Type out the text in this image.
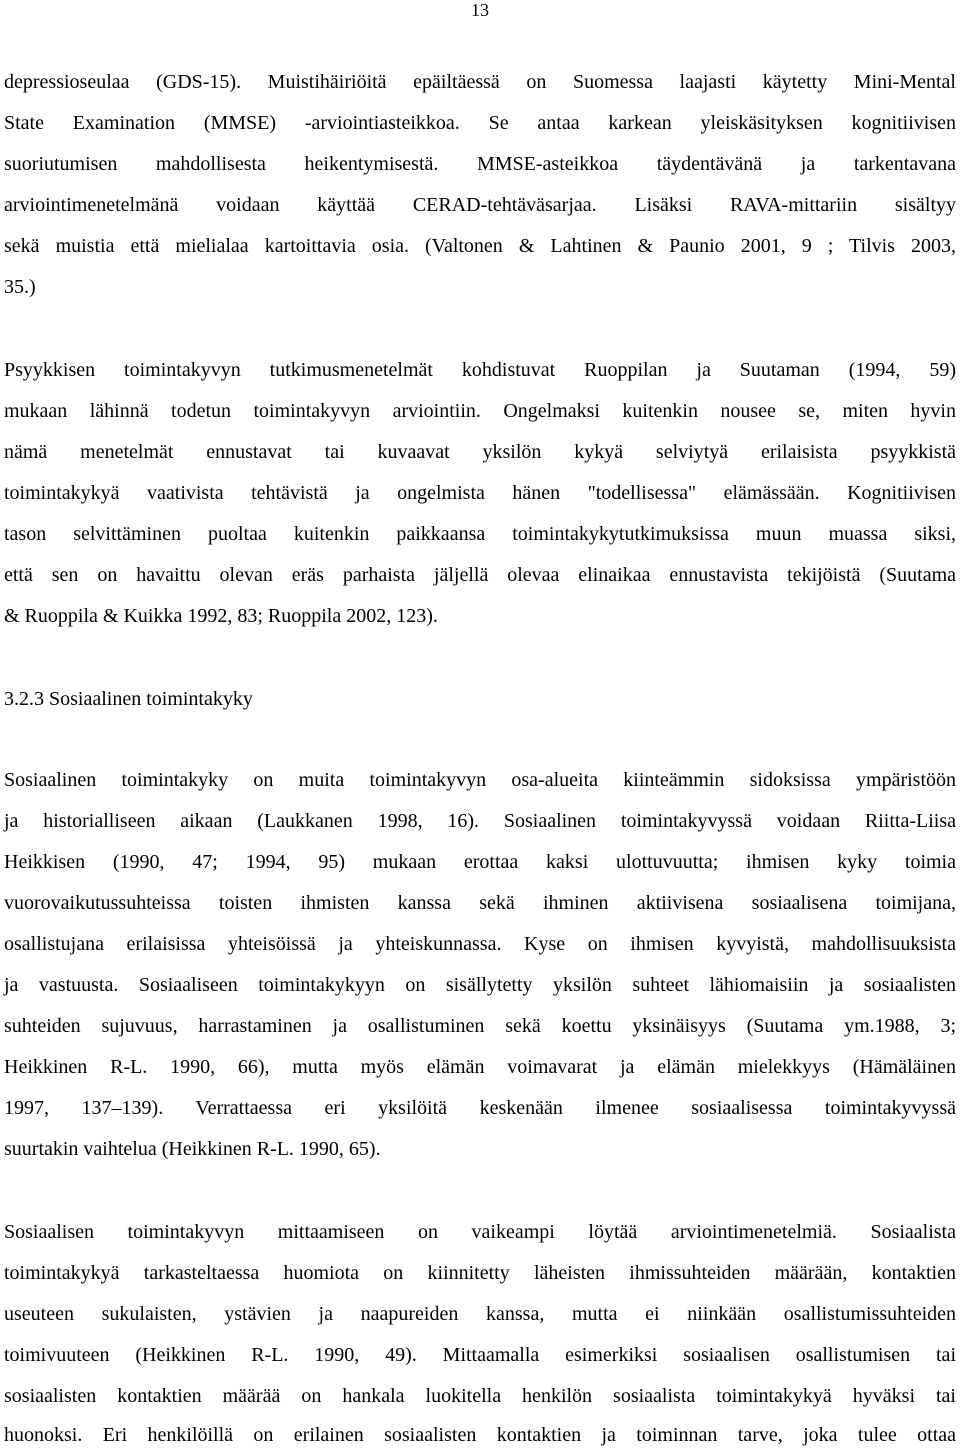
13
depressioseulaa (GDS-15). Muistihäiriöitä epäiltäessä on Suomessa laajasti käytetty Mini-Mental
State Examination (MMSE) -arviointiasteikkoa. Se antaa karkean yleiskäsityksen kognitiivisen
suoriutumisen mahdollisesta heikentymisestä. MMSE-asteikkoa täydentävänä ja tarkentavana
arviointimenetelmänä voidaan käyttää CERAD-tehtäväsarjaa. Lisäksi RAVA-mittariin sisältyy
sekä muistia että mielialaa kartoittavia osia. (Valtonen & Lahtinen & Paunio 2001, 9 ; Tilvis 2003,
35.)
Psyykkisen toimintakyvyn tutkimusmenetelmät kohdistuvat Ruoppilan ja Suutaman (1994, 59)
mukaan lähinnä todetun toimintakyvyn arviointiin. Ongelmaksi kuitenkin nousee se, miten hyvin
nämä menetelmät ennustavat tai kuvaavat yksilön kykyä selviytyä erilaisista psyykkistä
toimintakykyä vaativista tehtävistä ja ongelmista hänen "todellisessa" elämässään. Kognitiivisen
tason selvittäminen puoltaa kuitenkin paikkaansa toimintakykytutkimuksissa muun muassa siksi,
että sen on havaittu olevan eräs parhaista jäljellä olevaa elinaikaa ennustavista tekijöistä (Suutama
& Ruoppila & Kuikka 1992, 83; Ruoppila 2002, 123).
3.2.3 Sosiaalinen toimintakyky
Sosiaalinen toimintakyky on muita toimintakyvyn osa-alueita kiinteämmin sidoksissa ympäristöön
ja historialliseen aikaan (Laukkanen 1998, 16). Sosiaalinen toimintakyvyssä voidaan Riitta-Liisa
Heikkisen (1990, 47; 1994, 95) mukaan erottaa kaksi ulottuvuutta; ihmisen kyky toimia
vuorovaikutussuhteissa toisten ihmisten kanssa sekä ihminen aktiivisena sosiaalisena toimijana,
osallistujana erilaisissa yhteisöissä ja yhteiskunnassa. Kyse on ihmisen kyvyistä, mahdollisuuksista
ja vastuusta. Sosiaaliseen toimintakykyyn on sisällytetty yksilön suhteet lähiomaisiin ja sosiaalisten
suhteiden sujuvuus, harrastaminen ja osallistuminen sekä koettu yksinäisyys (Suutama ym.1988, 3;
Heikkinen R-L. 1990, 66), mutta myös elämän voimavarat ja elämän mielekkyys (Hämäläinen
1997, 137–139). Verrattaessa eri yksilöitä keskenään ilmenee sosiaalisessa toimintakyvyssä
suurtakin vaihtelua (Heikkinen R-L. 1990, 65).
Sosiaalisen toimintakyvyn mittaamiseen on vaikeampi löytää arviointimenetelmiä. Sosiaalista
toimintakykyä tarkasteltaessa huomiota on kiinnitetty läheisten ihmissuhteiden määrään, kontaktien
useuteen sukulaisten, ystävien ja naapureiden kanssa, mutta ei niinkään osallistumissuhteiden
toimivuuteen (Heikkinen R-L. 1990, 49). Mittaamalla esimerkiksi sosiaalisen osallistumisen tai
sosiaalisten kontaktien määrää on hankala luokitella henkilön sosiaalista toimintakykyä hyväksi tai
huonoksi. Eri henkilöillä on erilainen sosiaalisten kontaktien ja toiminnan tarve, joka tulee ottaa
